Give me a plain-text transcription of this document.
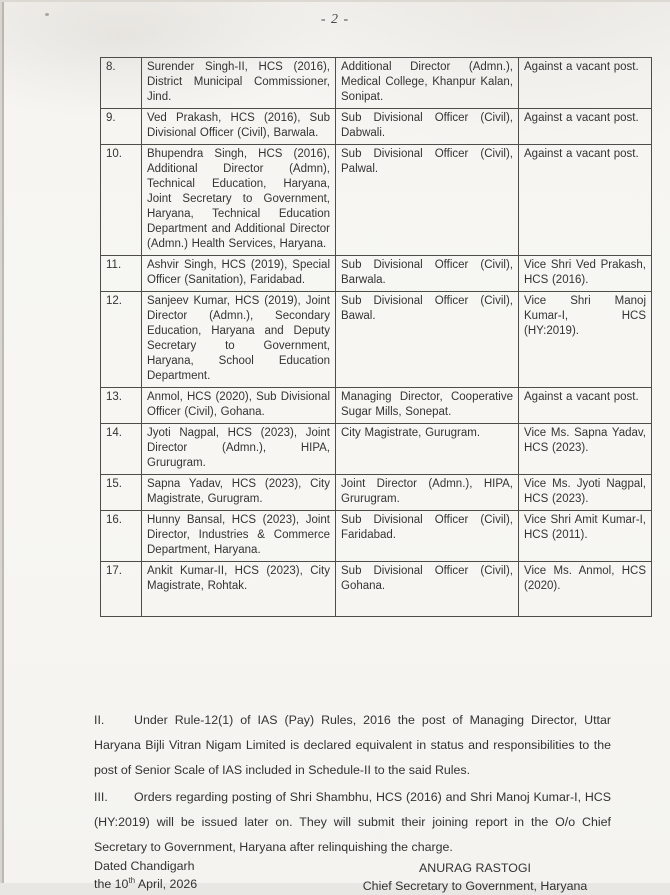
- 2 -
8.	Surender Singh-II, HCS (2016), District Municipal Commissioner, Jind.	Additional Director (Admn.), Medical College, Khanpur Kalan, Sonipat.	Against a vacant post.
9.	Ved Prakash, HCS (2016), Sub Divisional Officer (Civil), Barwala.	Sub Divisional Officer (Civil), Dabwali.	Against a vacant post.
10.	Bhupendra Singh, HCS (2016), Additional Director (Admn), Technical Education, Haryana, Joint Secretary to Government, Haryana, Technical Education Department and Additional Director (Admn.) Health Services, Haryana.	Sub Divisional Officer (Civil), Palwal.	Against a vacant post.
11.	Ashvir Singh, HCS (2019), Special Officer (Sanitation), Faridabad.	Sub Divisional Officer (Civil), Barwala.	Vice Shri Ved Prakash, HCS (2016).
12.	Sanjeev Kumar, HCS (2019), Joint Director (Admn.), Secondary Education, Haryana and Deputy Secretary to Government, Haryana, School Education Department.	Sub Divisional Officer (Civil), Bawal.	Vice Shri Manoj Kumar-I, HCS (HY:2019).
13.	Anmol, HCS (2020), Sub Divisional Officer (Civil), Gohana.	Managing Director, Cooperative Sugar Mills, Sonepat.	Against a vacant post.
14.	Jyoti Nagpal, HCS (2023), Joint Director (Admn.), HIPA, Grurugram.	City Magistrate, Gurugram.	Vice Ms. Sapna Yadav, HCS (2023).
15.	Sapna Yadav, HCS (2023), City Magistrate, Gurugram.	Joint Director (Admn.), HIPA, Grurugram.	Vice Ms. Jyoti Nagpal, HCS (2023).
16.	Hunny Bansal, HCS (2023), Joint Director, Industries & Commerce Department, Haryana.	Sub Divisional Officer (Civil), Faridabad.	Vice Shri Amit Kumar-I, HCS (2011).
17.	Ankit Kumar-II, HCS (2023), City Magistrate, Rohtak.	Sub Divisional Officer (Civil), Gohana.	Vice Ms. Anmol, HCS (2020).

II. Under Rule-12(1) of IAS (Pay) Rules, 2016 the post of Managing Director, Uttar Haryana Bijli Vitran Nigam Limited is declared equivalent in status and responsibilities to the post of Senior Scale of IAS included in Schedule-II to the said Rules.

III. Orders regarding posting of Shri Shambhu, HCS (2016) and Shri Manoj Kumar-I, HCS (HY:2019) will be issued later on. They will submit their joining report in the O/o Chief Secretary to Government, Haryana after relinquishing the charge.

Dated Chandigarh
the 10th April, 2026
ANURAG RASTOGI
Chief Secretary to Government, Haryana
